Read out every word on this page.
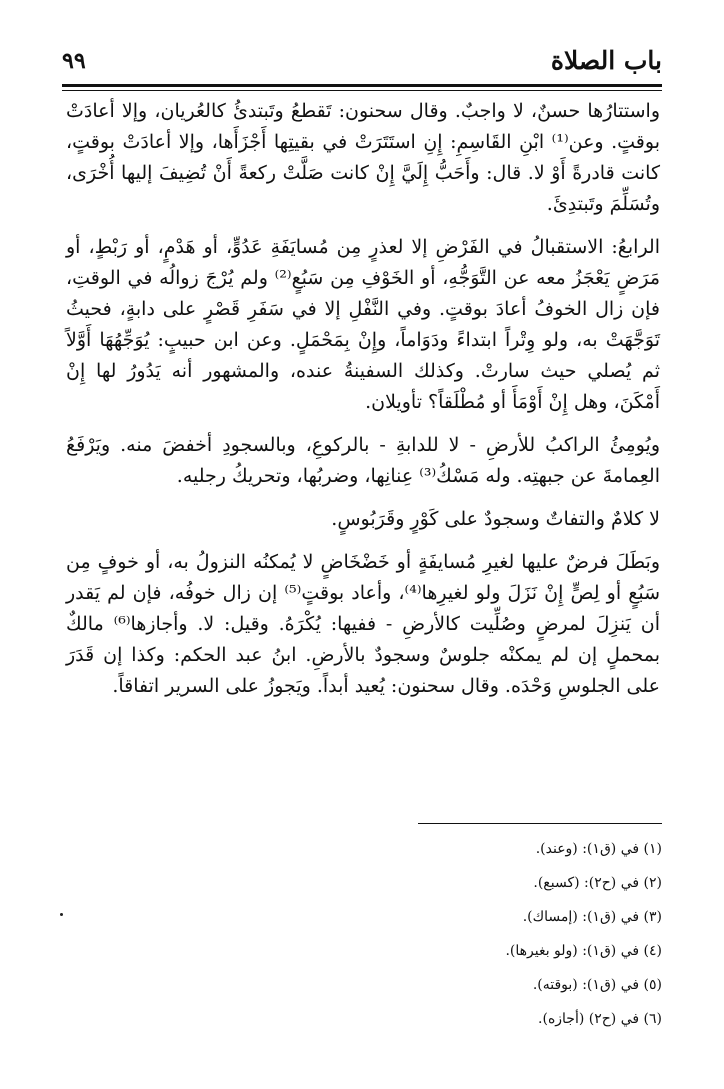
باب الصلاة
٩٩

واستتارُها حسنٌ، لا واجبٌ. وقال سحنون: تَقطعُ وتَبتدئُ كالعُريان، وإلا أعادَتْ بوقتٍ. وعن⁽¹⁾ ابْنِ القَاسِمِ: إِنِ استَتَرَتْ في بقيتِها أَجْزَأَها، وإلا أعادَتْ بوقتٍ، كانت قادرةً أَوْ لا. قال: وأَحَبُّ إِلَيَّ إِنْ كانت صَلَّتْ ركعةً أَنْ تُضِيفَ إليها أُخْرَى، وتُسَلِّمَ وتَبتدِئَ.

الرابعُ: الاستقبالُ في الفَرْضِ إلا لعذرٍ مِن مُسايَفَةِ عَدُوٍّ، أو هَدْمٍ، أو رَبْطٍ، أو مَرَضٍ يَعْجَزُ معه عن التَّوَجُّهِ، أو الخَوْفِ مِن سَبُعٍ⁽²⁾ ولم يُرْجَ زوالُه في الوقتِ، فإن زال الخوفُ أعادَ بوقتٍ. وفي النَّفْلِ إلا في سَفَرِ قَصْرٍ على دابةٍ، فحيثُ تَوَجَّهَتْ به، ولو وِتْراً ابتداءً ودَوَاماً، وإِنْ بِمَحْمَلٍ. وعن ابن حبيبٍ: يُوَجِّهُهَا أَوَّلاً ثم يُصلي حيث سارتْ. وكذلك السفينةُ عنده، والمشهور أنه يَدُورُ لها إِنْ أَمْكَنَ، وهل إِنْ أَوْمَأَ أو مُطْلَقاً؟ تأويلان.

ويُومِئُ الراكبُ للأرضِ - لا للدابةِ - بالركوعِ، وبالسجودِ أخفضَ منه. ويَرْفَعُ العِمامةَ عن جبهتِه. وله مَسْكُ⁽³⁾ عِنانِها، وضربُها، وتحريكُ رجليه.

لا كلامٌ والتفاتٌ وسجودٌ على كَوْرٍ وقَرَبُوسٍ.

وبَطَلَ فرضٌ عليها لغيرِ مُسايفَةٍ أو خَضْخَاضٍ لا يُمكنُه النزولُ به، أو خوفٍ مِن سَبُعٍ أو لِصٍّ إِنْ نَزَلَ ولو لغيرِها⁽⁴⁾، وأعاد بوقتٍ⁽⁵⁾ إن زال خوفُه، فإن لم يَقدر أن يَنزِلَ لمرضٍ وصُلِّيت كالأرضِ - ففيها: يُكْرَهُ. وقيل: لا. وأجازها⁽⁶⁾ مالكٌ بمحملٍ إن لم يمكنْه جلوسٌ وسجودٌ بالأرضِ. ابنُ عبد الحكم: وكذا إن قَدَرَ على الجلوسِ وَحْدَه. وقال سحنون: يُعيد أبداً. ويَجوزُ على السرير اتفاقاً.

(١) في (ق١): (وعند).
(٢) في (ح٢): (كسبع).
(٣) في (ق١): (إمساك).
(٤) في (ق١): (ولو بغيرها).
(٥) في (ق١): (بوقته).
(٦) في (ح٢) (أجازه).
